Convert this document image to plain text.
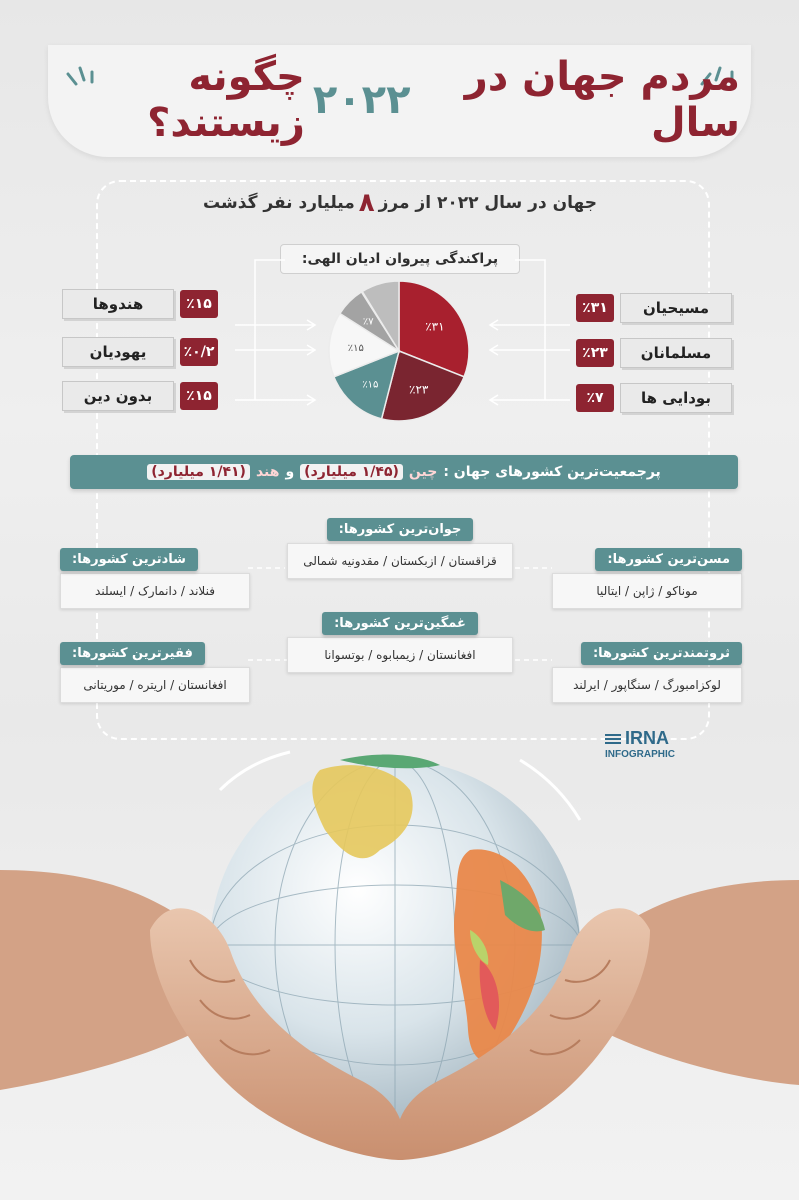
مردم جهان در سال
۲۰۲۲
چگونه زیستند؟
جهان در سال ۲۰۲۲ از مرز
۸
میلیارد نفر گذشت
پراکندگی پیروان ادیان الهی:
٪۳۱
٪۲۳
٪۱۵
٪۱۵
٪۷
مسیحیان
٪۳۱
مسلمانان
٪۲۳
بودایی ها
٪۷
هندوها	٪۱۵
یهودیان	٪۰/۲
بدون دین	٪۱۵
پرجمعیت‌ترین کشورهای جهان :
چین
(۱/۴۵ میلیارد)
و
هند
(۱/۴۱ میلیارد)
مسن‌ترین کشورها:
موناکو / ژاپن / ایتالیا
جوان‌ترین کشورها:
قزاقستان / ازبکستان / مقدونیه شمالی
شادترین کشورها:
فنلاند / دانمارک / ایسلند
ثروتمندترین کشورها:
لوکزامبورگ / سنگاپور / ایرلند
غمگین‌ترین کشورها:
افغانستان / زیمبابوه / بوتسوانا
فقیرترین کشورها:
افغانستان / اریتره / موریتانی
IRNA
INFOGRAPHIC
